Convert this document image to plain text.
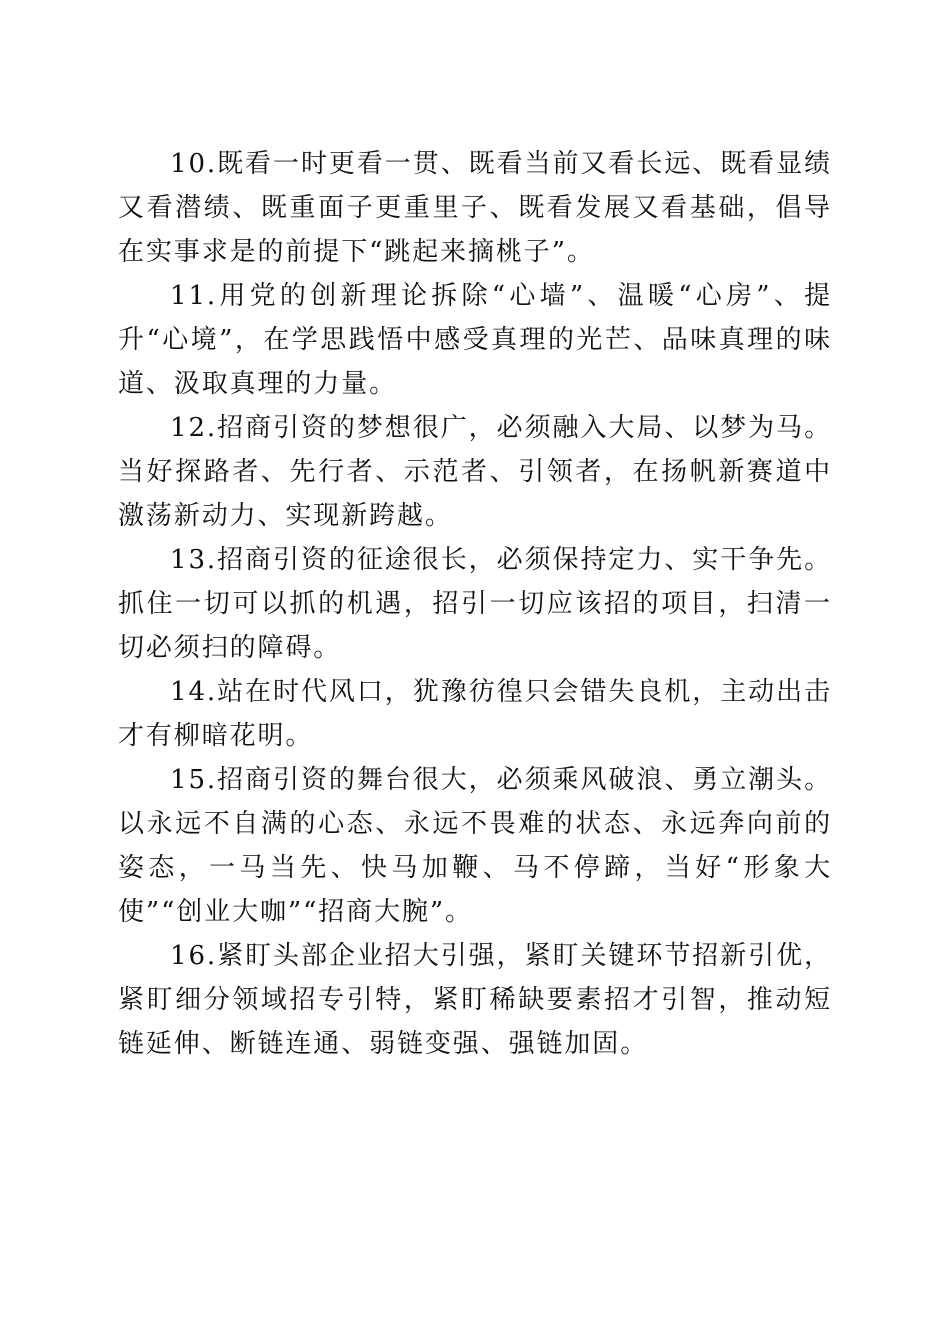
10.既看一时更看一贯、既看当前又看长远、既看显绩又看潜绩、既重面子更重里子、既看发展又看基础，倡导在实事求是的前提下“跳起来摘桃子”。

11.用党的创新理论拆除“心墙”、温暖“心房”、提升“心境”，在学思践悟中感受真理的光芒、品味真理的味道、汲取真理的力量。

12.招商引资的梦想很广，必须融入大局、以梦为马。当好探路者、先行者、示范者、引领者，在扬帆新赛道中激荡新动力、实现新跨越。

13.招商引资的征途很长，必须保持定力、实干争先。抓住一切可以抓的机遇，招引一切应该招的项目，扫清一切必须扫的障碍。

14.站在时代风口，犹豫彷徨只会错失良机，主动出击才有柳暗花明。

15.招商引资的舞台很大，必须乘风破浪、勇立潮头。以永远不自满的心态、永远不畏难的状态、永远奔向前的姿态，一马当先、快马加鞭、马不停蹄，当好“形象大使”“创业大咖”“招商大腕”。

16.紧盯头部企业招大引强，紧盯关键环节招新引优，紧盯细分领域招专引特，紧盯稀缺要素招才引智，推动短链延伸、断链连通、弱链变强、强链加固。
